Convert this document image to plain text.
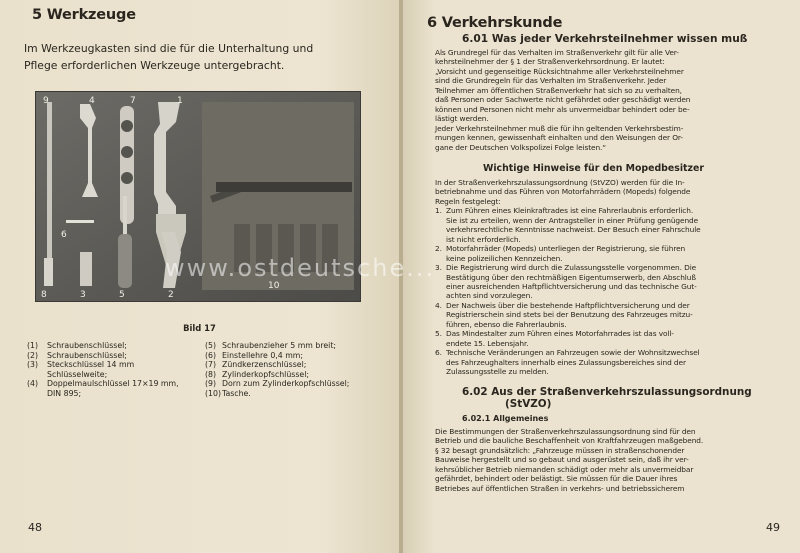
5 Werkzeuge
Im Werkzeugkasten sind die für die Unterhaltung und
Pflege erforderlichen Werkzeuge untergebracht.
9	4	7	1
6
8	3	5	2
10
Bild 17
(1)	Schraubenschlüssel;
(2)	Schraubenschlüssel;
(3)	Steckschlüssel 14 mm
Schlüsselweite;
(4)	Doppelmaulschlüssel 17×19 mm,
DIN 895;
(5) Schraubenzieher 5 mm breit;
(6) Einstellehre 0,4 mm;
(7) Zündkerzenschlüssel;
(8) Zylinderkopfschlüssel;
(9) Dorn zum Zylinderkopfschlüssel;
(10) Tasche.
48
6 Verkehrskunde
6.01 Was jeder Verkehrsteilnehmer wissen muß
Als Grundregel für das Verhalten im Straßenverkehr gilt für alle Ver-
kehrsteilnehmer der § 1 der Straßenverkehrsordnung. Er lautet:
„Vorsicht und gegenseitige Rücksichtnahme aller Verkehrsteilnehmer
sind die Grundregeln für das Verhalten im Straßenverkehr. Jeder
Teilnehmer am öffentlichen Straßenverkehr hat sich so zu verhalten,
daß Personen oder Sachwerte nicht gefährdet oder geschädigt werden
können und Personen nicht mehr als unvermeidbar behindert oder be-
lästigt werden.
Jeder Verkehrsteilnehmer muß die für ihn geltenden Verkehrsbestim-
mungen kennen, gewissenhaft einhalten und den Weisungen der Or-
gane der Deutschen Volkspolizei Folge leisten.“
Wichtige Hinweise für den Mopedbesitzer
In der Straßenverkehrszulassungsordnung (StVZO) werden für die In-
betriebnahme und das Führen von Motorfahrrädern (Mopeds) folgende
Regeln festgelegt:
1. Zum Führen eines Kleinkraftrades ist eine Fahrerlaubnis erforderlich.
Sie ist zu erteilen, wenn der Antragsteller in einer Prüfung genügende
verkehrsrechtliche Kenntnisse nachweist. Der Besuch einer Fahrschule
ist nicht erforderlich.
2. Motorfahrräder (Mopeds) unterliegen der Registrierung, sie führen
keine polizeilichen Kennzeichen.
3. Die Registrierung wird durch die Zulassungsstelle vorgenommen. Die
Bestätigung über den rechtmäßigen Eigentumserwerb, den Abschluß
einer ausreichenden Haftpflichtversicherung und das technische Gut-
achten sind vorzulegen.
4. Der Nachweis über die bestehende Haftpflichtversicherung und der
Registrierschein sind stets bei der Benutzung des Fahrzeuges mitzu-
führen, ebenso die Fahrerlaubnis.
5. Das Mindestalter zum Führen eines Motorfahrrades ist das voll-
endete 15. Lebensjahr.
6. Technische Veränderungen an Fahrzeugen sowie der Wohnsitzwechsel
des Fahrzeughalters innerhalb eines Zulassungsbereiches sind der
Zulassungsstelle zu melden.
6.02 Aus der Straßenverkehrszulassungsordnung
(StVZO)
6.02.1 Allgemeines
Die Bestimmungen der Straßenverkehrszulassungsordnung sind für den
Betrieb und die bauliche Beschaffenheit von Kraftfahrzeugen maßgebend.
§ 32 besagt grundsätzlich: „Fahrzeuge müssen in straßenschonender
Bauweise hergestellt und so gebaut und ausgerüstet sein, daß ihr ver-
kehrsüblicher Betrieb niemanden schädigt oder mehr als unvermeidbar
gefährdet, behindert oder belästigt. Sie müssen für die Dauer ihres
Betriebes auf öffentlichen Straßen in verkehrs- und betriebssicherem
49
www.ostdeutsche...
